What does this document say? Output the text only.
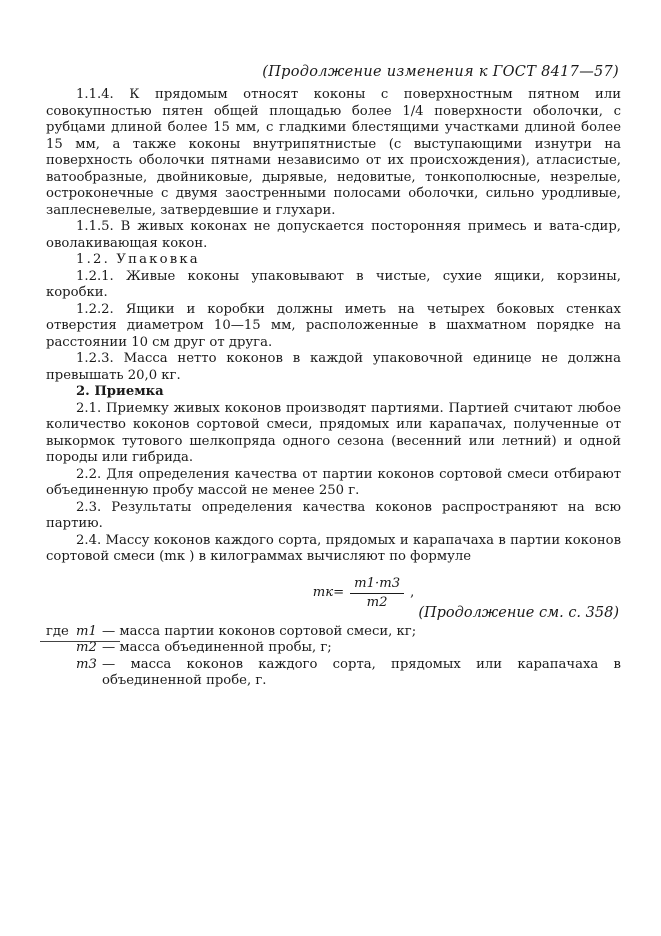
(Продолжение изменения к ГОСТ 8417—57)

1.1.4. К прядомым относят коконы с поверхностным пятном или совокупностью пятен общей площадью более 1/4 поверхности оболочки, с рубцами длиной более 15 мм, с гладкими блестящими участками длиной более 15 мм, а также коконы внутрипятнистые (с выступающими изнутри на поверхность оболочки пятнами независимо от их происхождения), атласистые, ватообразные, двойниковые, дырявые, недовитые, тонкополюсные, незрелые, остроконечные с двумя заостренными полосами оболочки, сильно уродливые, заплесневелые, затвердевшие и глухари.

1.1.5. В живых коконах не допускается посторонняя примесь и вата-сдир, оволакивающая кокон.

1.2. Упаковка

1.2.1. Живые коконы упаковывают в чистые, сухие ящики, корзины, коробки.

1.2.2. Ящики и коробки должны иметь на четырех боковых стенках отверстия диаметром 10—15 мм, расположенные в шахматном порядке на расстоянии 10 см друг от друга.

1.2.3. Масса нетто коконов в каждой упаковочной единице не должна превышать 20,0 кг.

2. Приемка

2.1. Приемку живых коконов производят партиями. Партией считают любое количество коконов сортовой смеси, прядомых или карапачах, полученные от выкормок тутового шелкопряда одного сезона (весенний или летний) и одной породы или гибрида.

2.2. Для определения качества от партии коконов сортовой смеси отбирают объединенную пробу массой не менее 250 г.

2.3. Результаты определения качества коконов распространяют на всю партию.

2.4. Массу коконов каждого сорта, прядомых и карапачаха в партии коконов сортовой смеси (mк ) в килограммах вычисляют по формуле

$mк= \frac{m1\cdot m3}{m2}$ ,
где m1 — масса партии коконов сортовой смеси, кг;
m2 — масса объединенной пробы, г;
m3 — масса коконов каждого сорта, прядомых или карапачаха в объединенной пробе, г.
(Продолжение см. с. 358)
